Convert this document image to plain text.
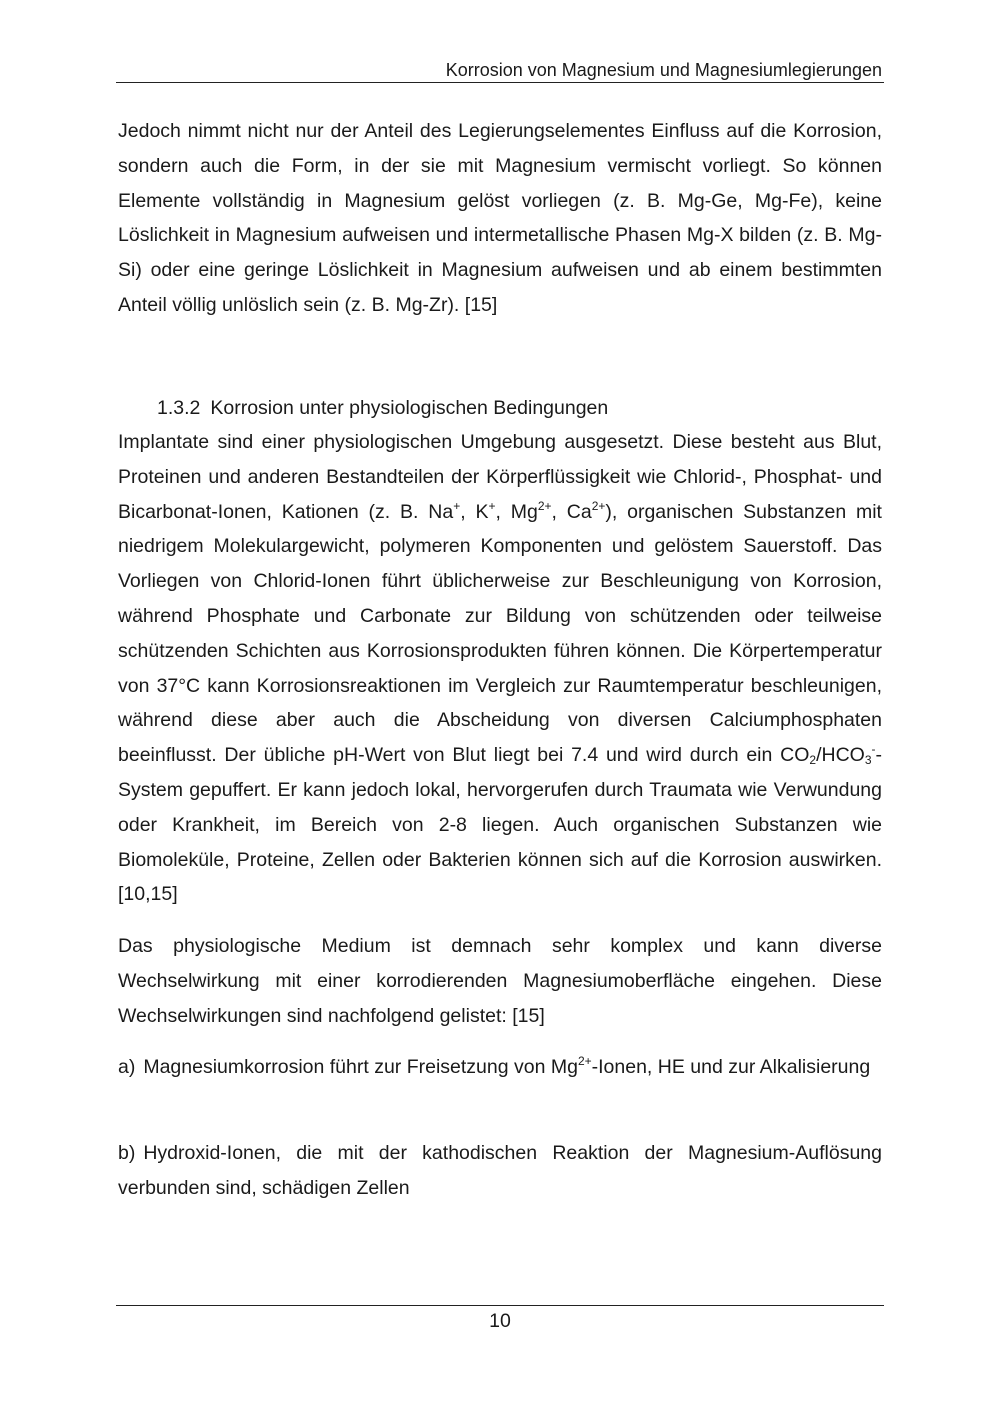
Korrosion von Magnesium und Magnesiumlegierungen

Jedoch nimmt nicht nur der Anteil des Legierungselementes Einfluss auf die Korrosion, sondern auch die Form, in der sie mit Magnesium vermischt vorliegt. So können Elemente vollständig in Magnesium gelöst vorliegen (z. B. Mg-Ge, Mg-Fe), keine Löslichkeit in Magnesium aufweisen und intermetallische Phasen Mg-X bilden (z. B. Mg-Si) oder eine geringe Löslichkeit in Magnesium aufweisen und ab einem bestimmten Anteil völlig unlöslich sein (z. B. Mg-Zr). [15]

1.3.2 Korrosion unter physiologischen Bedingungen

Implantate sind einer physiologischen Umgebung ausgesetzt. Diese besteht aus Blut, Proteinen und anderen Bestandteilen der Körperflüssigkeit wie Chlorid-, Phosphat- und Bicarbonat-Ionen, Kationen (z. B. Na+, K+, $Mg^{2+}$, $Ca^{2+}$), organischen Substanzen mit niedrigem Molekulargewicht, polymeren Komponenten und gelöstem Sauerstoff. Das Vorliegen von Chlorid-Ionen führt üblicherweise zur Beschleunigung von Korrosion, während Phosphate und Carbonate zur Bildung von schützenden oder teilweise schützenden Schichten aus Korrosionsprodukten führen können. Die Körpertemperatur von 37°C kann Korrosionsreaktionen im Vergleich zur Raumtemperatur beschleunigen, während diese aber auch die Abscheidung von diversen Calciumphosphaten beeinflusst. Der übliche pH-Wert von Blut liegt bei 7.4 und wird durch ein $CO_2/HCO_3^-$-System gepuffert. Er kann jedoch lokal, hervorgerufen durch Traumata wie Verwundung oder Krankheit, im Bereich von 2-8 liegen. Auch organischen Substanzen wie Biomoleküle, Proteine, Zellen oder Bakterien können sich auf die Korrosion auswirken. [10,15]

Das physiologische Medium ist demnach sehr komplex und kann diverse Wechselwirkung mit einer korrodierenden Magnesiumoberfläche eingehen. Diese Wechselwirkungen sind nachfolgend gelistet: [15]

a) Magnesiumkorrosion führt zur Freisetzung von $Mg^{2+}$-Ionen, HE und zur Alkalisierung

b) Hydroxid-Ionen, die mit der kathodischen Reaktion der Magnesium-Auflösung verbunden sind, schädigen Zellen

10
